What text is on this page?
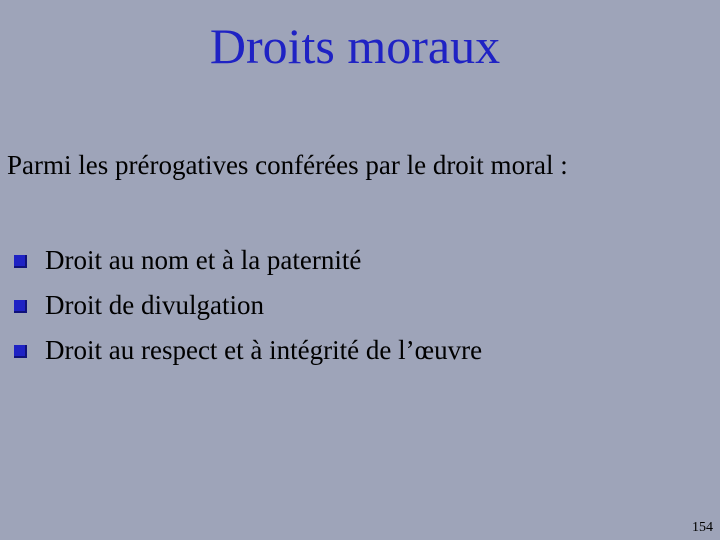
Droits moraux
Parmi les prérogatives conférées par le droit moral :
Droit au nom et à la paternité
Droit de divulgation
Droit au respect et à intégrité de l’œuvre
154
